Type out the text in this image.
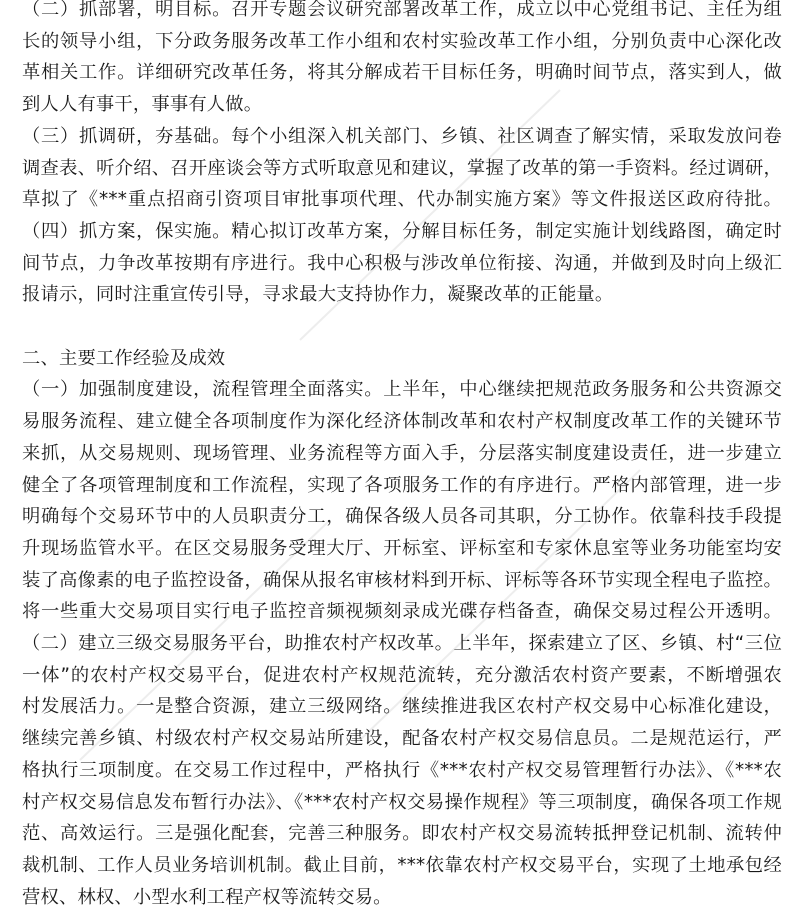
（二）抓部署，明目标。召开专题会议研究部署改革工作，成立以中心党组书记、主任为组
长的领导小组，下分政务服务改革工作小组和农村实验改革工作小组，分别负责中心深化改
革相关工作。详细研究改革任务，将其分解成若干目标任务，明确时间节点，落实到人，做
到人人有事干，事事有人做。
（三）抓调研，夯基础。每个小组深入机关部门、乡镇、社区调查了解实情，采取发放问卷
调查表、听介绍、召开座谈会等方式听取意见和建议，掌握了改革的第一手资料。经过调研，
草拟了《***重点招商引资项目审批事项代理、代办制实施方案》等文件报送区政府待批。
（四）抓方案，保实施。精心拟订改革方案，分解目标任务，制定实施计划线路图，确定时
间节点，力争改革按期有序进行。我中心积极与涉改单位衔接、沟通，并做到及时向上级汇
报请示，同时注重宣传引导，寻求最大支持协作力，凝聚改革的正能量。
二、主要工作经验及成效
（一）加强制度建设，流程管理全面落实。上半年，中心继续把规范政务服务和公共资源交
易服务流程、建立健全各项制度作为深化经济体制改革和农村产权制度改革工作的关键环节
来抓，从交易规则、现场管理、业务流程等方面入手，分层落实制度建设责任，进一步建立
健全了各项管理制度和工作流程，实现了各项服务工作的有序进行。严格内部管理，进一步
明确每个交易环节中的人员职责分工，确保各级人员各司其职，分工协作。依靠科技手段提
升现场监管水平。在区交易服务受理大厅、开标室、评标室和专家休息室等业务功能室均安
装了高像素的电子监控设备，确保从报名审核材料到开标、评标等各环节实现全程电子监控。
将一些重大交易项目实行电子监控音频视频刻录成光碟存档备查，确保交易过程公开透明。
（二）建立三级交易服务平台，助推农村产权改革。上半年，探索建立了区、乡镇、村“三位
一体”的农村产权交易平台，促进农村产权规范流转，充分激活农村资产要素，不断增强农
村发展活力。一是整合资源，建立三级网络。继续推进我区农村产权交易中心标准化建设，
继续完善乡镇、村级农村产权交易站所建设，配备农村产权交易信息员。二是规范运行，严
格执行三项制度。在交易工作过程中，严格执行《***农村产权交易管理暂行办法》、《***农
村产权交易信息发布暂行办法》、《***农村产权交易操作规程》等三项制度，确保各项工作规
范、高效运行。三是强化配套，完善三种服务。即农村产权交易流转抵押登记机制、流转仲
裁机制、工作人员业务培训机制。截止目前，***依靠农村产权交易平台，实现了土地承包经
营权、林权、小型水利工程产权等流转交易。
